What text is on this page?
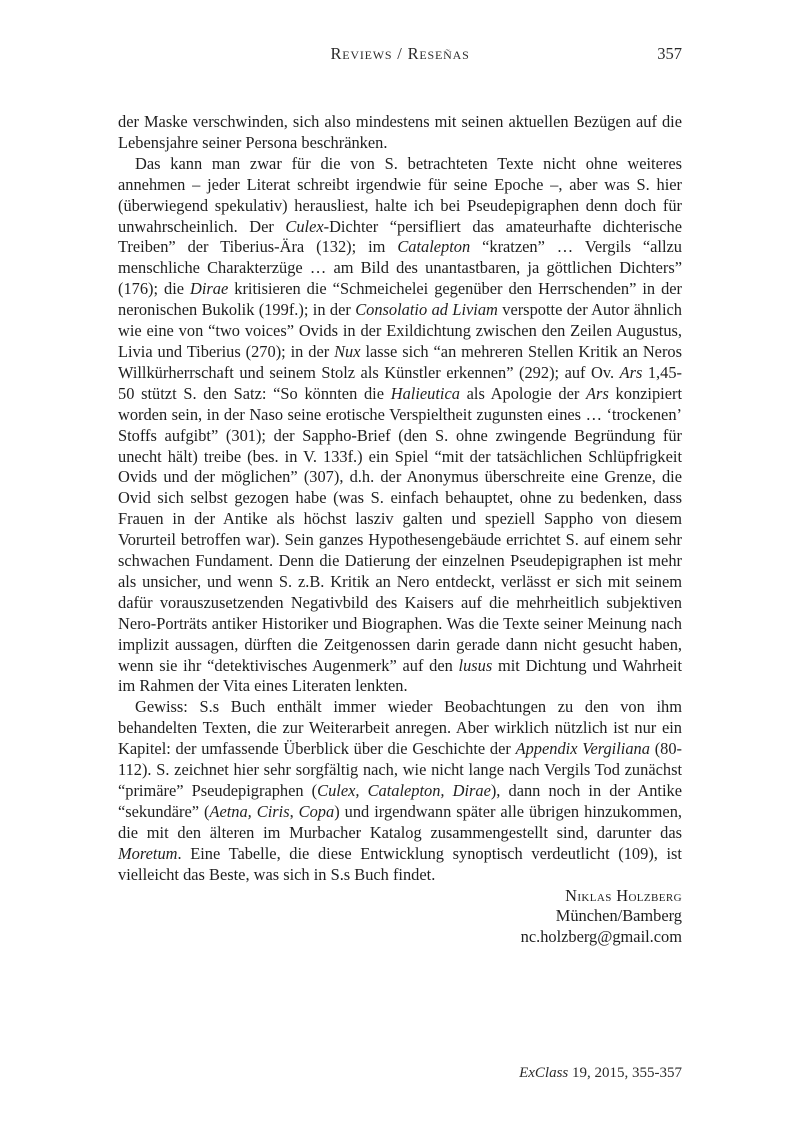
Reviews / Reseñas	357

der Maske verschwinden, sich also mindestens mit seinen aktuellen Bezügen auf die Lebensjahre seiner Persona beschränken.

Das kann man zwar für die von S. betrachteten Texte nicht ohne weiteres annehmen – jeder Literat schreibt irgendwie für seine Epoche –, aber was S. hier (überwiegend spekulativ) herausliest, halte ich bei Pseudepigraphen denn doch für unwahrscheinlich. Der Culex-Dichter “persifliert das amateurhafte dichterische Treiben” der Tiberius-Ära (132); im Catalepton “kratzen” … Vergils “allzu menschliche Charakterzüge … am Bild des unantastbaren, ja göttlichen Dichters” (176); die Dirae kritisieren die “Schmeichelei gegenüber den Herrschenden” in der neronischen Bukolik (199f.); in der Consolatio ad Liviam verspotte der Autor ähnlich wie eine von “two voices” Ovids in der Exildichtung zwischen den Zeilen Augustus, Livia und Tiberius (270); in der Nux lasse sich “an mehreren Stellen Kritik an Neros Willkürherrschaft und seinem Stolz als Künstler erkennen” (292); auf Ov. Ars 1,45-50 stützt S. den Satz: “So könnten die Halieutica als Apologie der Ars konzipiert worden sein, in der Naso seine erotische Verspieltheit zugunsten eines … ‘trockenen’ Stoffs aufgibt” (301); der Sappho-Brief (den S. ohne zwingende Begründung für unecht hält) treibe (bes. in V. 133f.) ein Spiel “mit der tatsächlichen Schlüpfrigkeit Ovids und der möglichen” (307), d.h. der Anonymus überschreite eine Grenze, die Ovid sich selbst gezogen habe (was S. einfach behauptet, ohne zu bedenken, dass Frauen in der Antike als höchst lasziv galten und speziell Sappho von diesem Vorurteil betroffen war). Sein ganzes Hypothesengebäude errichtet S. auf einem sehr schwachen Fundament. Denn die Datierung der einzelnen Pseudepigraphen ist mehr als unsicher, und wenn S. z.B. Kritik an Nero entdeckt, verlässt er sich mit seinem dafür vorauszusetzenden Negativbild des Kaisers auf die mehrheitlich subjektiven Nero-Porträts antiker Historiker und Biographen. Was die Texte seiner Meinung nach implizit aussagen, dürften die Zeitgenossen darin gerade dann nicht gesucht haben, wenn sie ihr “detektivisches Augenmerk” auf den lusus mit Dichtung und Wahrheit im Rahmen der Vita eines Literaten lenkten.

Gewiss: S.s Buch enthält immer wieder Beobachtungen zu den von ihm behandelten Texten, die zur Weiterarbeit anregen. Aber wirklich nützlich ist nur ein Kapitel: der umfassende Überblick über die Geschichte der Appendix Vergiliana (80-112). S. zeichnet hier sehr sorgfältig nach, wie nicht lange nach Vergils Tod zunächst “primäre” Pseudepigraphen (Culex, Catalepton, Dirae), dann noch in der Antike “sekundäre” (Aetna, Ciris, Copa) und irgendwann später alle übrigen hinzukommen, die mit den älteren im Murbacher Katalog zusammengestellt sind, darunter das Moretum. Eine Tabelle, die diese Entwicklung synoptisch verdeutlicht (109), ist vielleicht das Beste, was sich in S.s Buch findet.

Niklas Holzberg
München/Bamberg
nc.holzberg@gmail.com
ExClass 19, 2015, 355-357
